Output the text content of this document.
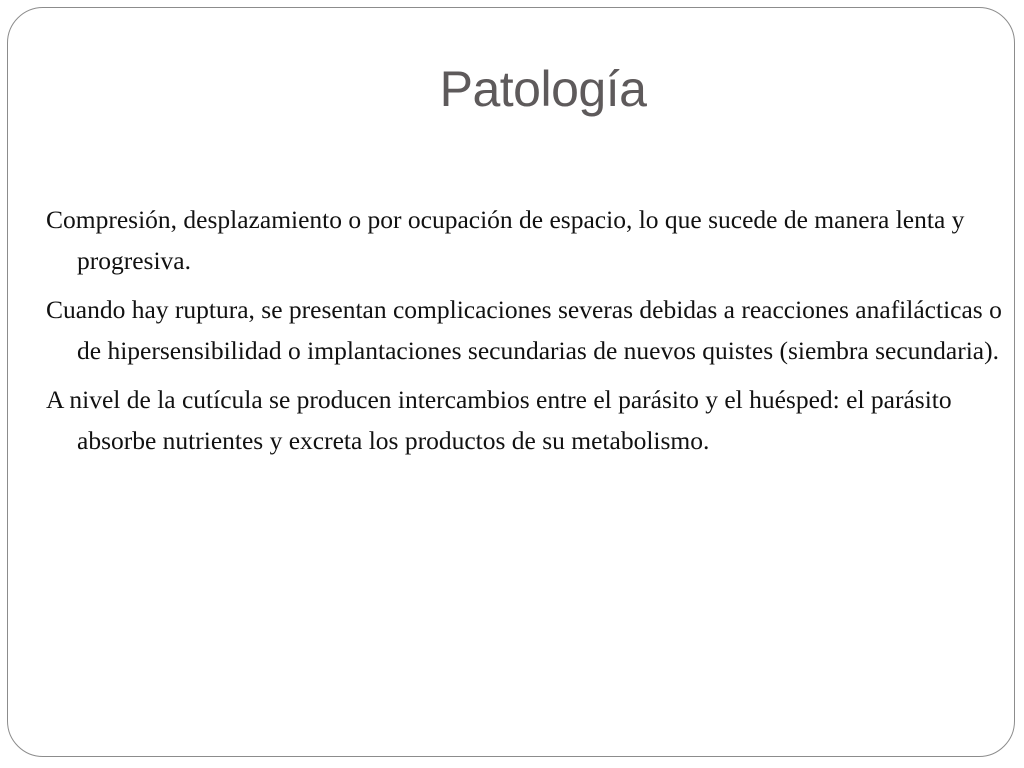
Patología

Compresión, desplazamiento o por ocupación de espacio, lo que sucede de manera lenta y progresiva.

Cuando hay ruptura, se presentan complicaciones severas debidas a reacciones anafilácticas o de hipersensibilidad o implantaciones secundarias de nuevos quistes (siembra secundaria).

A nivel de la cutícula se producen intercambios entre el parásito y el huésped: el parásito absorbe nutrientes y excreta los productos de su metabolismo.
